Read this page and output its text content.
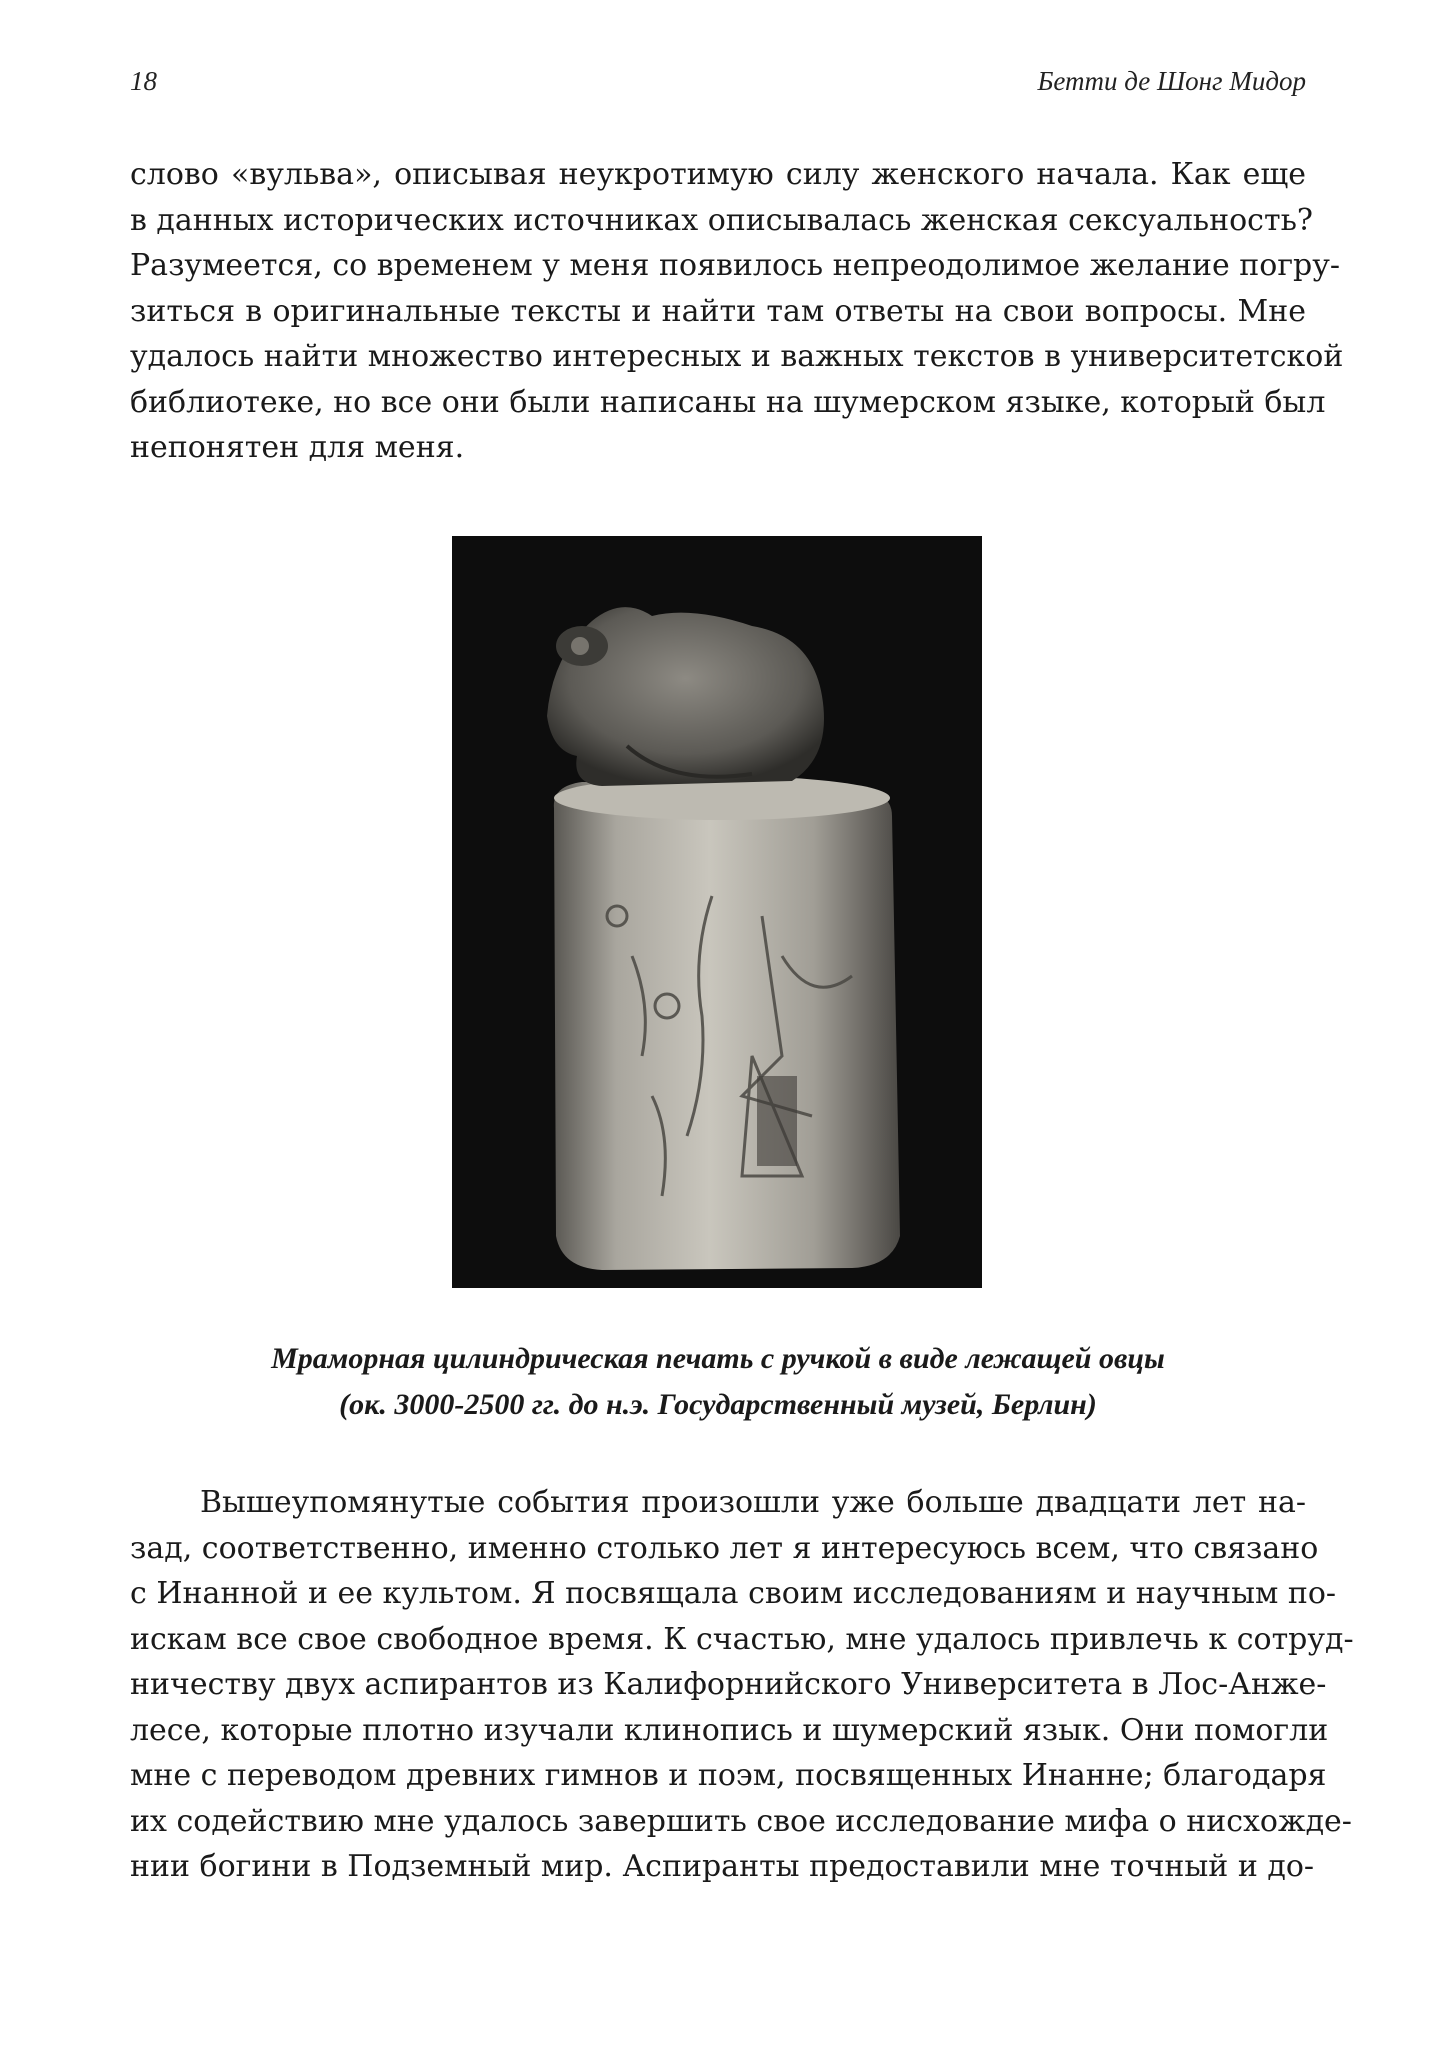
18	Бетти де Шонг Мидор
слово «вульва», описывая неукротимую силу женского начала. Как еще
в данных исторических источниках описывалась женская сексуальность?
Разумеется, со временем у меня появилось непреодолимое желание погру-
зиться в оригинальные тексты и найти там ответы на свои вопросы. Мне
удалось найти множество интересных и важных текстов в университетской
библиотеке, но все они были написаны на шумерском языке, который был
непонятен для меня.
Мраморная цилиндрическая печать с ручкой в виде лежащей овцы
(ок. 3000-2500 гг. до н.э. Государственный музей, Берлин)
Вышеупомянутые события произошли уже больше двадцати лет на-
зад, соответственно, именно столько лет я интересуюсь всем, что связано
с Инанной и ее культом. Я посвящала своим исследованиям и научным по-
искам все свое свободное время. К счастью, мне удалось привлечь к сотруд-
ничеству двух аспирантов из Калифорнийского Университета в Лос-Анже-
лесе, которые плотно изучали клинопись и шумерский язык. Они помогли
мне с переводом древних гимнов и поэм, посвященных Инанне; благодаря
их содействию мне удалось завершить свое исследование мифа о нисхожде-
нии богини в Подземный мир. Аспиранты предоставили мне точный и до-
